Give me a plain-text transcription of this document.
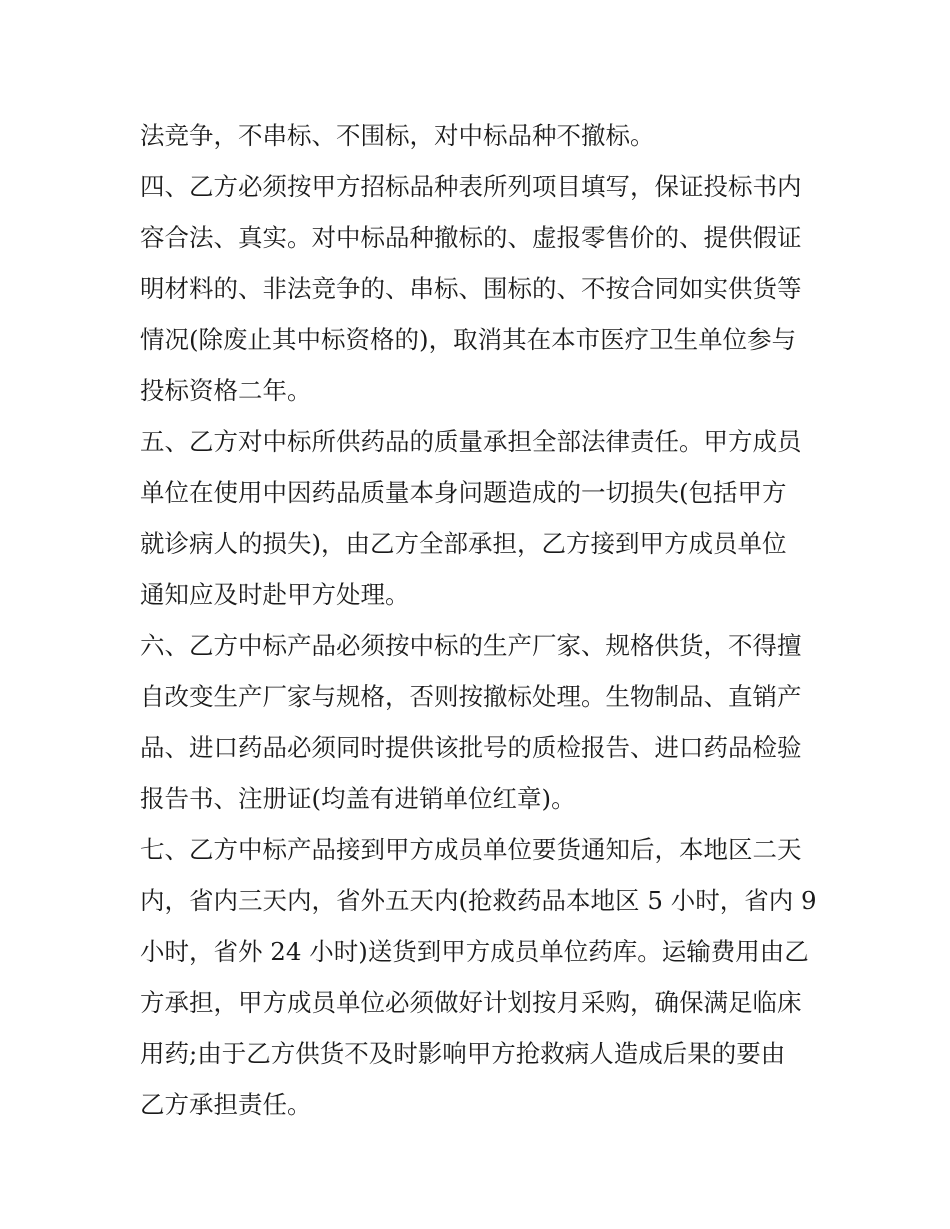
法竞争，不串标、不围标，对中标品种不撤标。
四、乙方必须按甲方招标品种表所列项目填写，保证投标书内
容合法、真实。对中标品种撤标的、虚报零售价的、提供假证
明材料的、非法竞争的、串标、围标的、不按合同如实供货等
情况(除废止其中标资格的)，取消其在本市医疗卫生单位参与
投标资格二年。
五、乙方对中标所供药品的质量承担全部法律责任。甲方成员
单位在使用中因药品质量本身问题造成的一切损失(包括甲方
就诊病人的损失)，由乙方全部承担，乙方接到甲方成员单位
通知应及时赴甲方处理。
六、乙方中标产品必须按中标的生产厂家、规格供货，不得擅
自改变生产厂家与规格，否则按撤标处理。生物制品、直销产
品、进口药品必须同时提供该批号的质检报告、进口药品检验
报告书、注册证(均盖有进销单位红章)。
七、乙方中标产品接到甲方成员单位要货通知后，本地区二天
内，省内三天内，省外五天内(抢救药品本地区 5 小时，省内 9
小时，省外 24 小时)送货到甲方成员单位药库。运输费用由乙
方承担，甲方成员单位必须做好计划按月采购，确保满足临床
用药;由于乙方供货不及时影响甲方抢救病人造成后果的要由
乙方承担责任。
